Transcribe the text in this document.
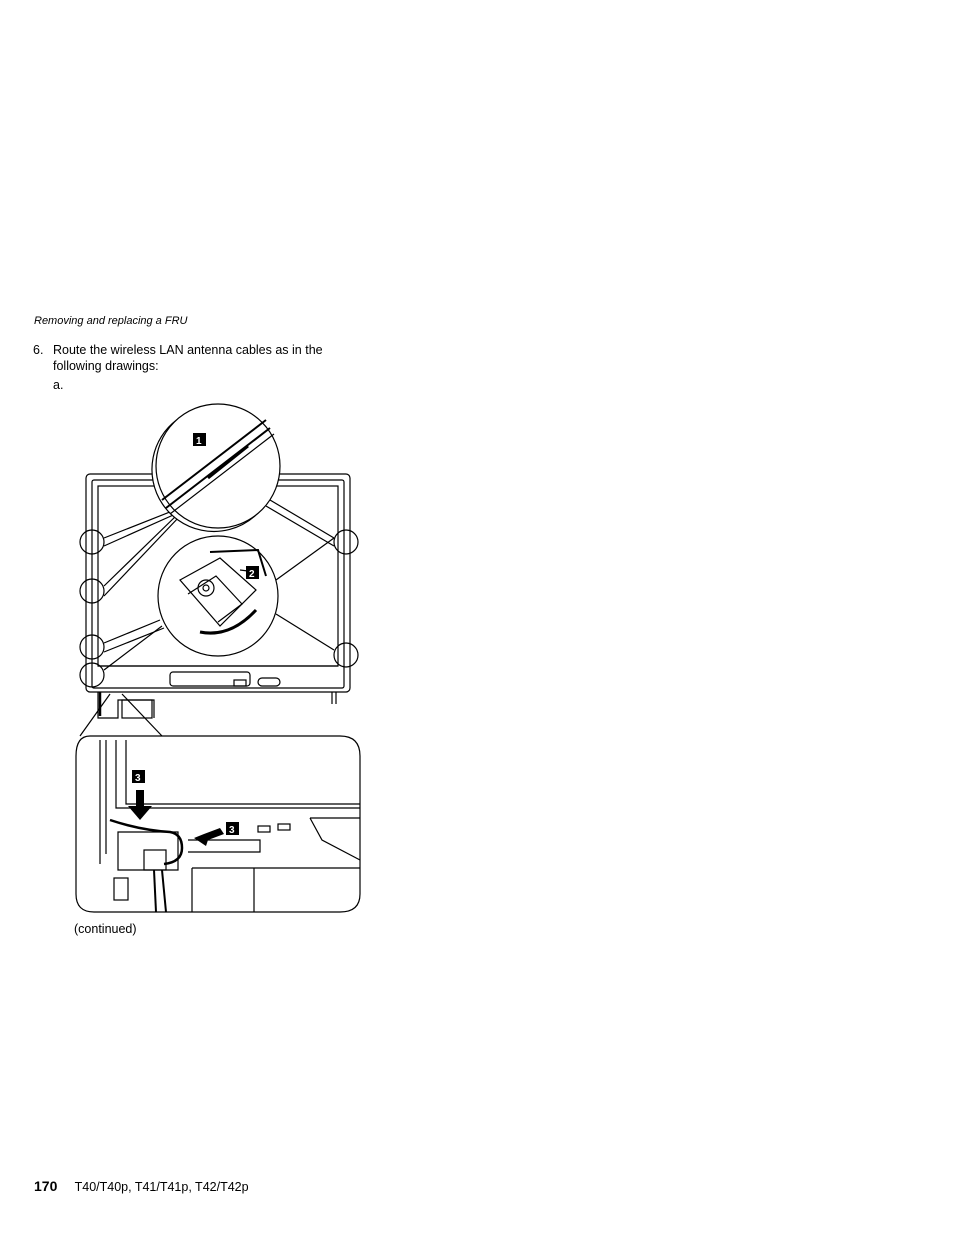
Removing and replacing a FRU
6. Route the wireless LAN antenna cables as in the following drawings:
a.
1
2
3
3
(continued)
170 T40/T40p, T41/T41p, T42/T42p
